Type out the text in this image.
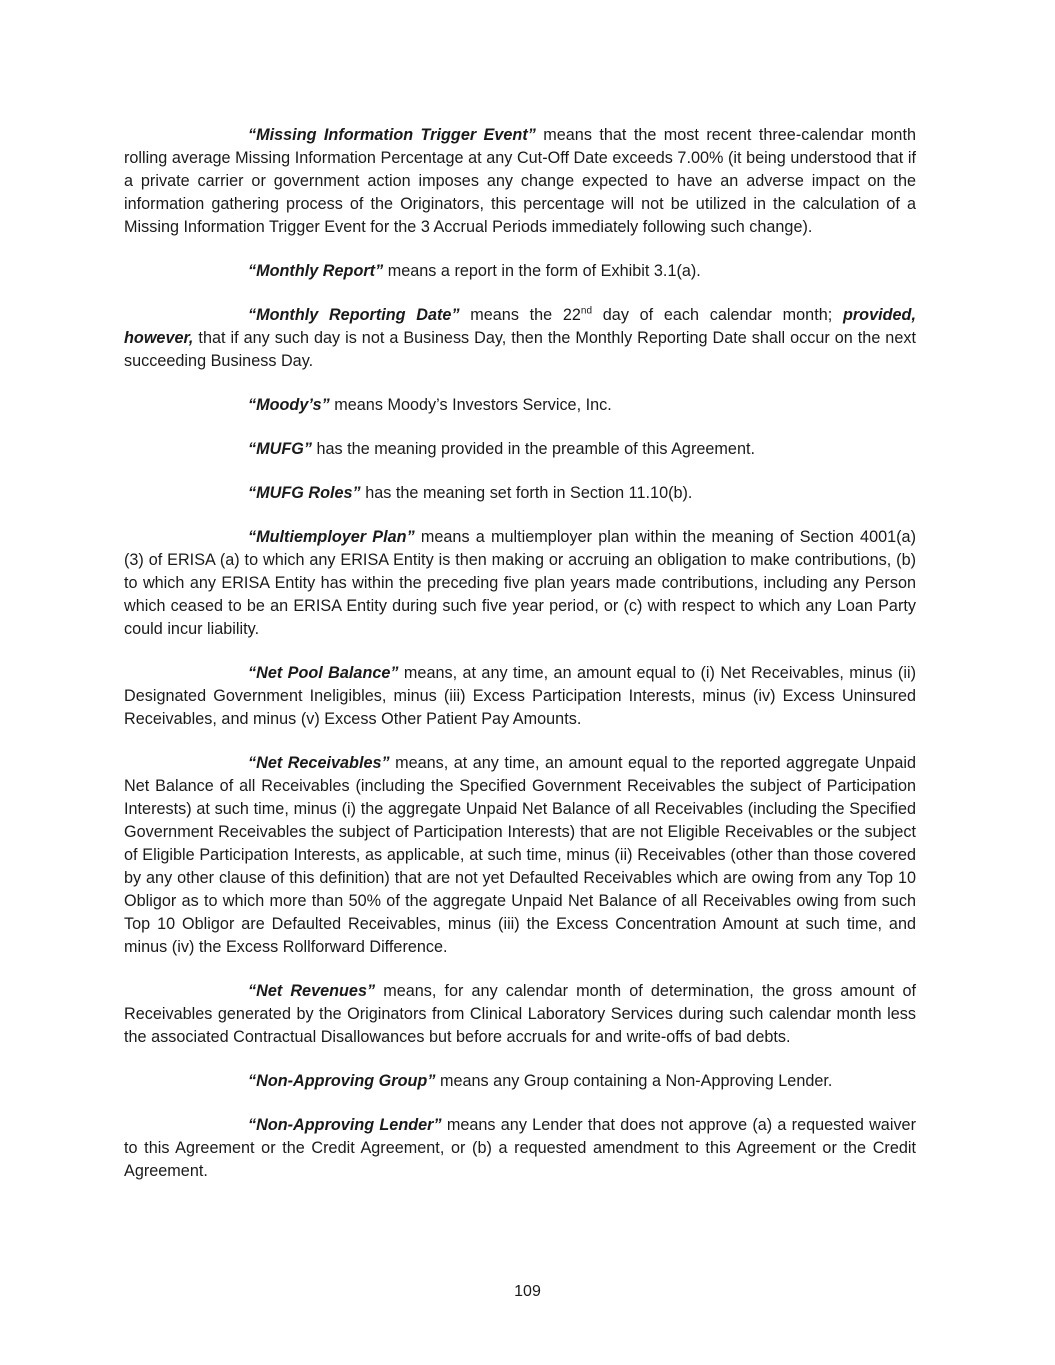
“Missing Information Trigger Event” means that the most recent three-calendar month rolling average Missing Information Percentage at any Cut-Off Date exceeds 7.00% (it being understood that if a private carrier or government action imposes any change expected to have an adverse impact on the information gathering process of the Originators, this percentage will not be utilized in the calculation of a Missing Information Trigger Event for the 3 Accrual Periods immediately following such change).

“Monthly Report” means a report in the form of Exhibit 3.1(a).

“Monthly Reporting Date” means the 22nd day of each calendar month; provided, however, that if any such day is not a Business Day, then the Monthly Reporting Date shall occur on the next succeeding Business Day.

“Moody’s” means Moody’s Investors Service, Inc.

“MUFG” has the meaning provided in the preamble of this Agreement.

“MUFG Roles” has the meaning set forth in Section 11.10(b).

“Multiemployer Plan” means a multiemployer plan within the meaning of Section 4001(a)(3) of ERISA (a) to which any ERISA Entity is then making or accruing an obligation to make contributions, (b) to which any ERISA Entity has within the preceding five plan years made contributions, including any Person which ceased to be an ERISA Entity during such five year period, or (c) with respect to which any Loan Party could incur liability.

“Net Pool Balance” means, at any time, an amount equal to (i) Net Receivables, minus (ii) Designated Government Ineligibles, minus (iii) Excess Participation Interests, minus (iv) Excess Uninsured Receivables, and minus (v) Excess Other Patient Pay Amounts.

“Net Receivables” means, at any time, an amount equal to the reported aggregate Unpaid Net Balance of all Receivables (including the Specified Government Receivables the subject of Participation Interests) at such time, minus (i) the aggregate Unpaid Net Balance of all Receivables (including the Specified Government Receivables the subject of Participation Interests) that are not Eligible Receivables or the subject of Eligible Participation Interests, as applicable, at such time, minus (ii) Receivables (other than those covered by any other clause of this definition) that are not yet Defaulted Receivables which are owing from any Top 10 Obligor as to which more than 50% of the aggregate Unpaid Net Balance of all Receivables owing from such Top 10 Obligor are Defaulted Receivables, minus (iii) the Excess Concentration Amount at such time, and minus (iv) the Excess Rollforward Difference.

“Net Revenues” means, for any calendar month of determination, the gross amount of Receivables generated by the Originators from Clinical Laboratory Services during such calendar month less the associated Contractual Disallowances but before accruals for and write-offs of bad debts.

“Non-Approving Group” means any Group containing a Non-Approving Lender.

“Non-Approving Lender” means any Lender that does not approve (a) a requested waiver to this Agreement or the Credit Agreement, or (b) a requested amendment to this Agreement or the Credit Agreement.

109
